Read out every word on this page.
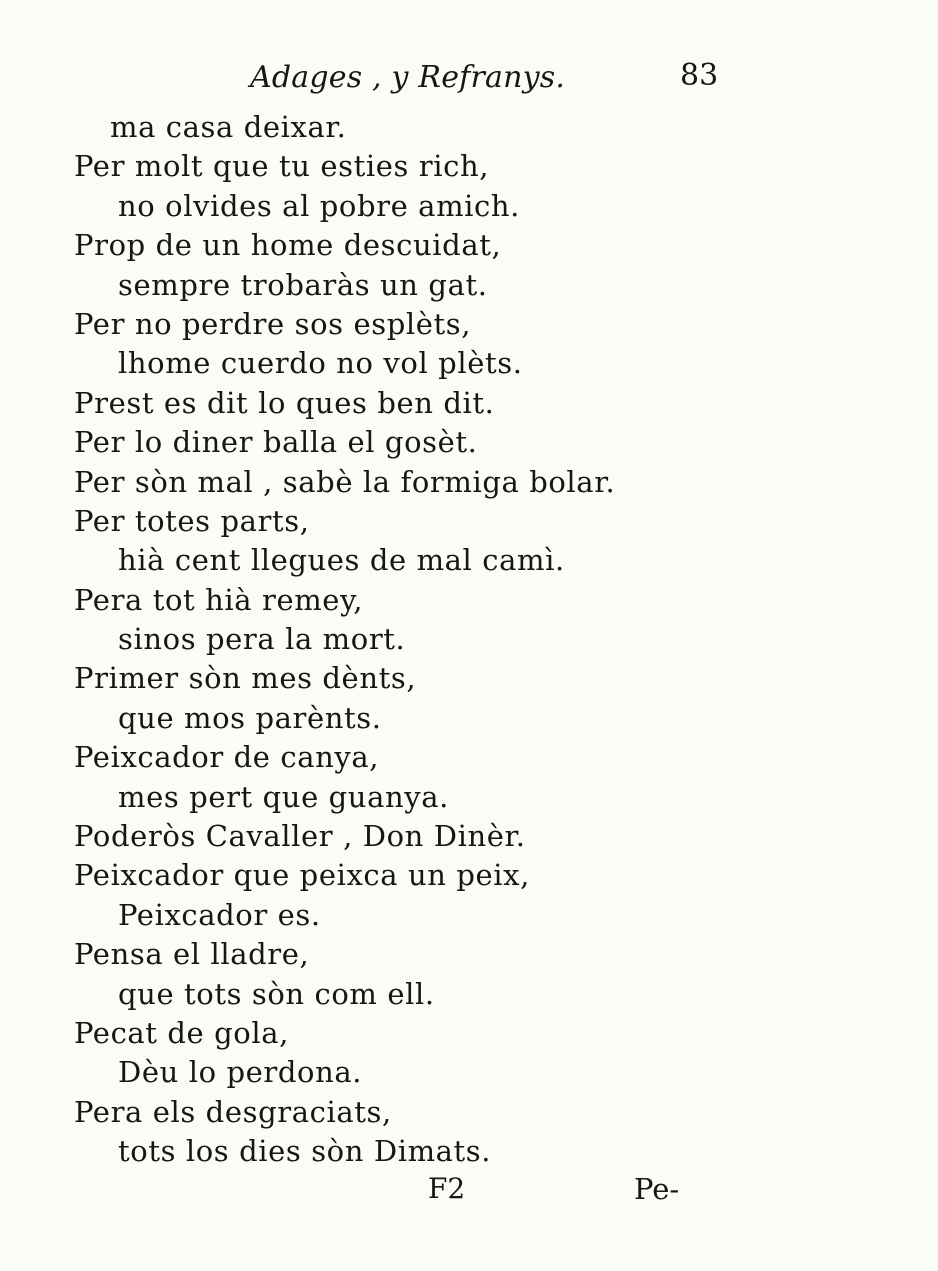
Adages , y Refranys.	83
ma casa deixar.
Per molt que tu esties rich,
no olvides al pobre amich.
Prop de un home descuidat,
sempre trobaràs un gat.
Per no perdre sos esplèts,
lhome cuerdo no vol plèts.
Prest es dit lo ques ben dit.
Per lo diner balla el gosèt.
Per sòn mal , sabè la formiga bolar.
Per totes parts,
hià cent llegues de mal camì.
Pera tot hià remey,
sinos pera la mort.
Primer sòn mes dènts,
que mos parènts.
Peixcador de canya,
mes pert que guanya.
Poderòs Cavaller , Don Dinèr.
Peixcador que peixca un peix,
Peixcador es.
Pensa el lladre,
que tots sòn com ell.
Pecat de gola,
Dèu lo perdona.
Pera els desgraciats,
tots los dies sòn Dimats.
F2	Pe-
